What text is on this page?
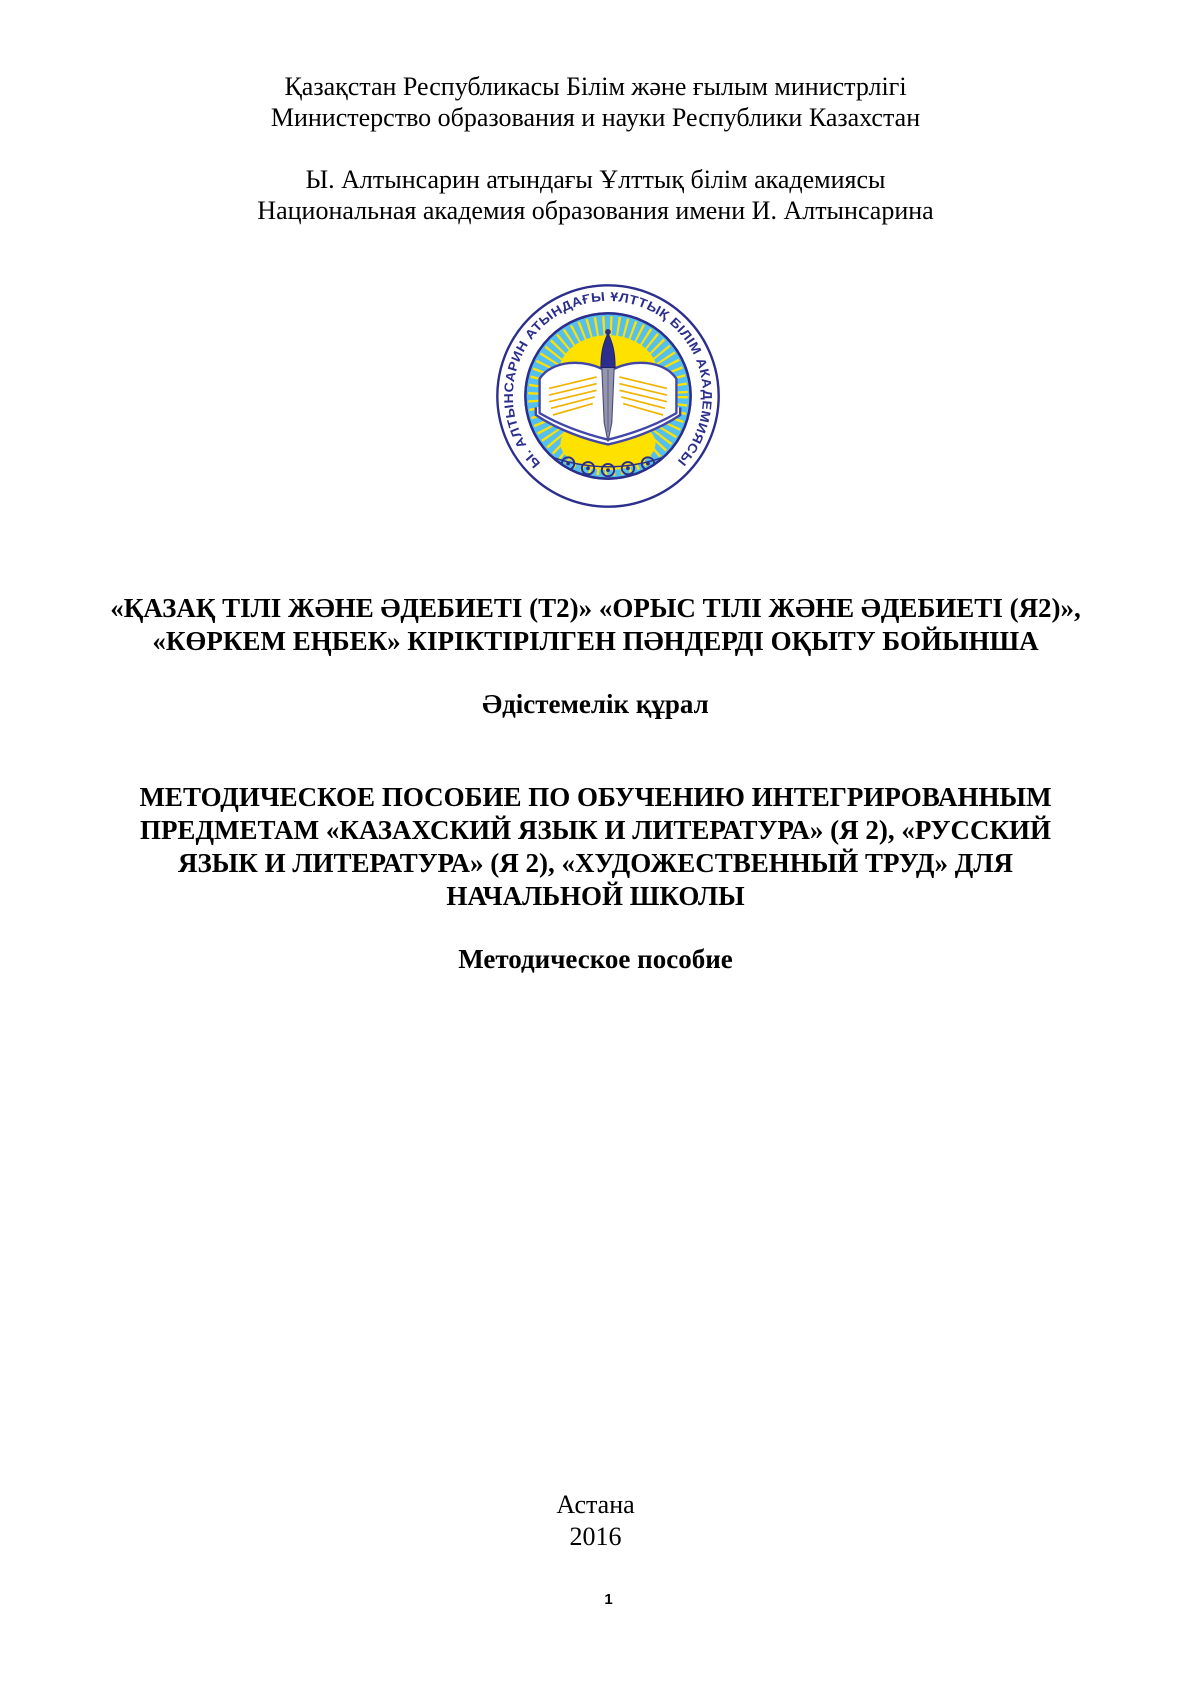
Қазақстан Республикасы Білім және ғылым министрлігі
Министерство образования и науки Республики Казахстан
Ы. Алтынсарин атындағы Ұлттық білім академиясы
Национальная академия образования имени И. Алтынсарина
Ы. АЛТЫНСАРИН АТЫНДАҒЫ ҰЛТТЫҚ БІЛІМ АКАДЕМИЯСЫ
«ҚАЗАҚ ТІЛІ ЖӘНЕ ӘДЕБИЕТІ (Т2)» «ОРЫС ТІЛІ ЖӘНЕ ӘДЕБИЕТІ (Я2)»,
«КӨРКЕМ ЕҢБЕК» КІРІКТІРІЛГЕН ПӘНДЕРДІ ОҚЫТУ БОЙЫНША
Әдістемелік құрал
МЕТОДИЧЕСКОЕ ПОСОБИЕ ПО ОБУЧЕНИЮ ИНТЕГРИРОВАННЫМ
ПРЕДМЕТАМ «КАЗАХСКИЙ ЯЗЫК И ЛИТЕРАТУРА» (Я 2), «РУССКИЙ
ЯЗЫК И ЛИТЕРАТУРА» (Я 2), «ХУДОЖЕСТВЕННЫЙ ТРУД» ДЛЯ
НАЧАЛЬНОЙ ШКОЛЫ
Методическое пособие
Астана
2016
1
